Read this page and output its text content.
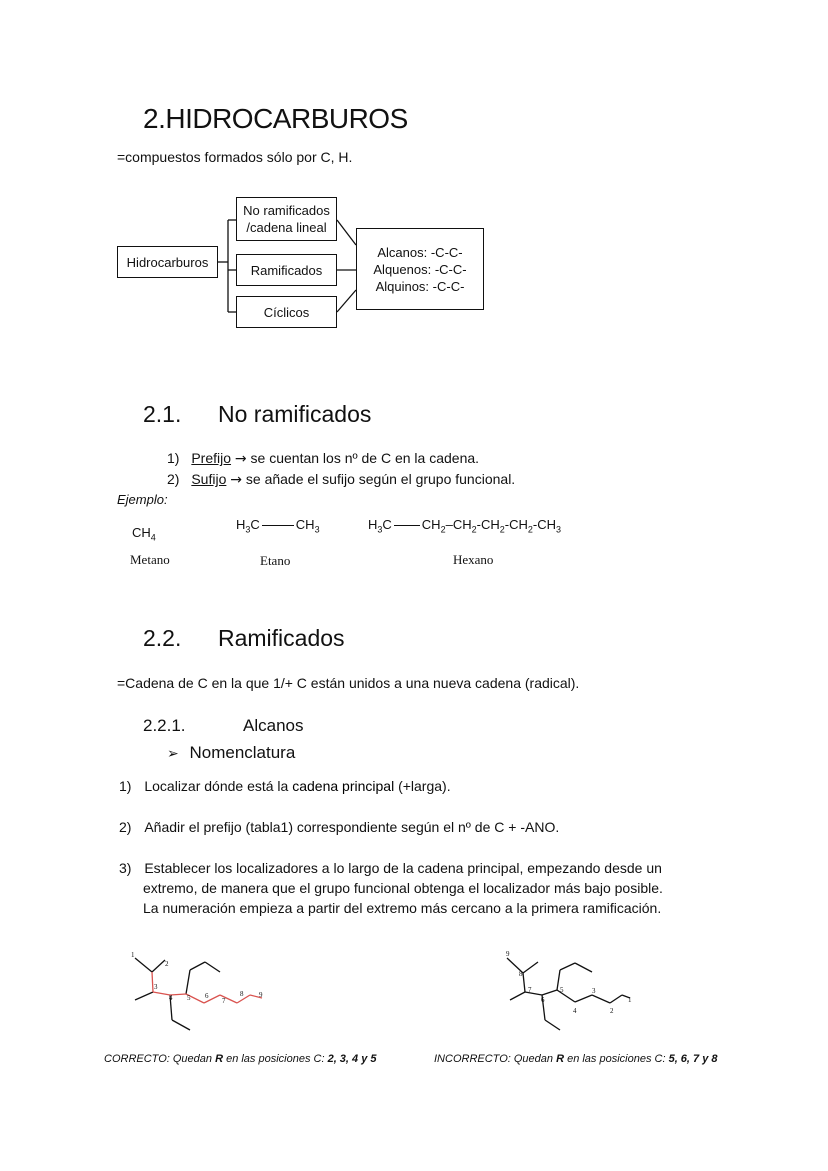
2.HIDROCARBUROS
=compuestos formados sólo por C, H.
Hidrocarburos
No ramificados
/cadena lineal
Ramificados
Cíclicos
Alcanos: -C-C-
Alquenos: -C-C-
Alquinos: -C-C-
2.1. No ramificados
1) Prefijo → se cuentan los nº de C en la cadena.
2) Sufijo → se añade el sufijo según el grupo funcional.
Ejemplo:
$CH_4$
$H_3C$	$CH_3$	$H_3C$ $CH_2-CH_2-CH_2-CH_2-CH_3$
Metano	Etano	Hexano
2.2. Ramificados
=Cadena de C en la que 1/+ C están unidos a una nueva cadena (radical).
2.2.1.	Alcanos
➢ Nomenclatura
1) Localizar dónde está la cadena principal (+larga).
2) Añadir el prefijo (tabla1) correspondiente según el nº de C + -ANO.
3) Establecer los localizadores a lo largo de la cadena principal, empezando desde un
extremo, de manera que el grupo funcional obtenga el localizador más bajo posible.
La numeración empieza a partir del extremo más cercano a la primera ramificación.
1
2
3
4 5 6
7
8 9
9
8
7
6
5
4
3
2
1
CORRECTO: Quedan R en las posiciones C: 2, 3, 4 y 5	INCORRECTO: Quedan R en las posiciones C: 5, 6, 7 y 8
